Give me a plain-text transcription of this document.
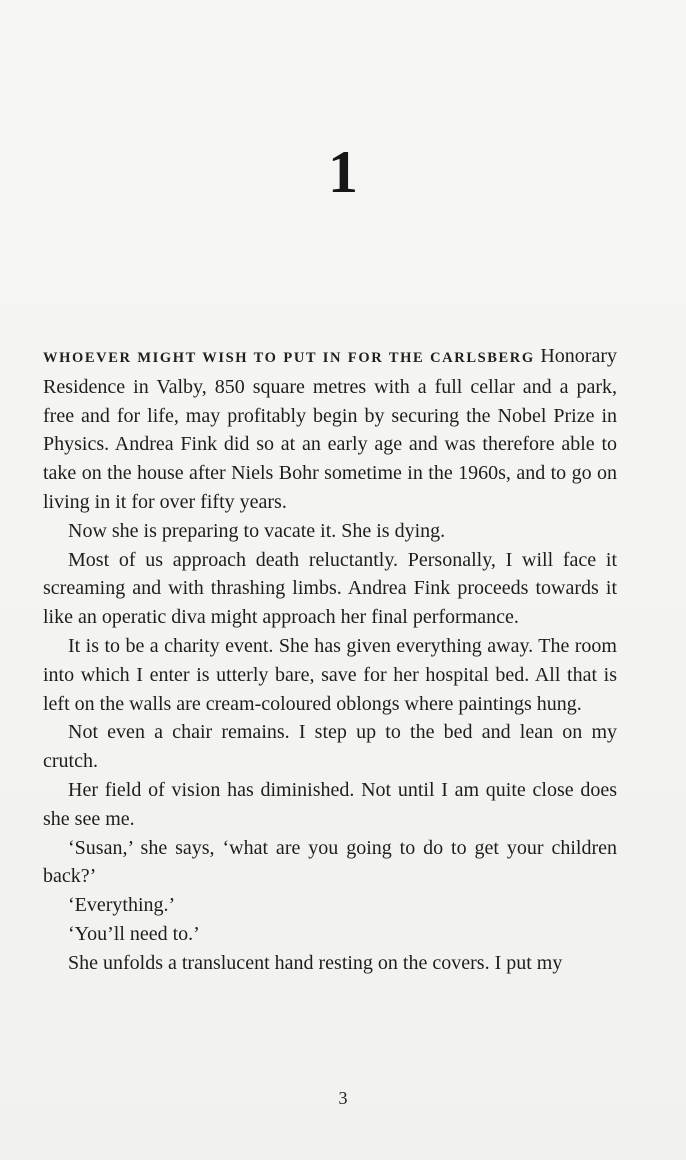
1

WHOEVER MIGHT WISH TO PUT IN FOR THE CARLSBERG Honorary Residence in Valby, 850 square metres with a full cellar and a park, free and for life, may profitably begin by securing the Nobel Prize in Physics. Andrea Fink did so at an early age and was therefore able to take on the house after Niels Bohr sometime in the 1960s, and to go on living in it for over fifty years.

Now she is preparing to vacate it. She is dying.

Most of us approach death reluctantly. Personally, I will face it screaming and with thrashing limbs. Andrea Fink proceeds towards it like an operatic diva might approach her final performance.

It is to be a charity event. She has given everything away. The room into which I enter is utterly bare, save for her hospital bed. All that is left on the walls are cream-coloured oblongs where paintings hung.

Not even a chair remains. I step up to the bed and lean on my crutch.

Her field of vision has diminished. Not until I am quite close does she see me.

‘Susan,’ she says, ‘what are you going to do to get your children back?’

‘Everything.’

‘You’ll need to.’

She unfolds a translucent hand resting on the covers. I put my

3
